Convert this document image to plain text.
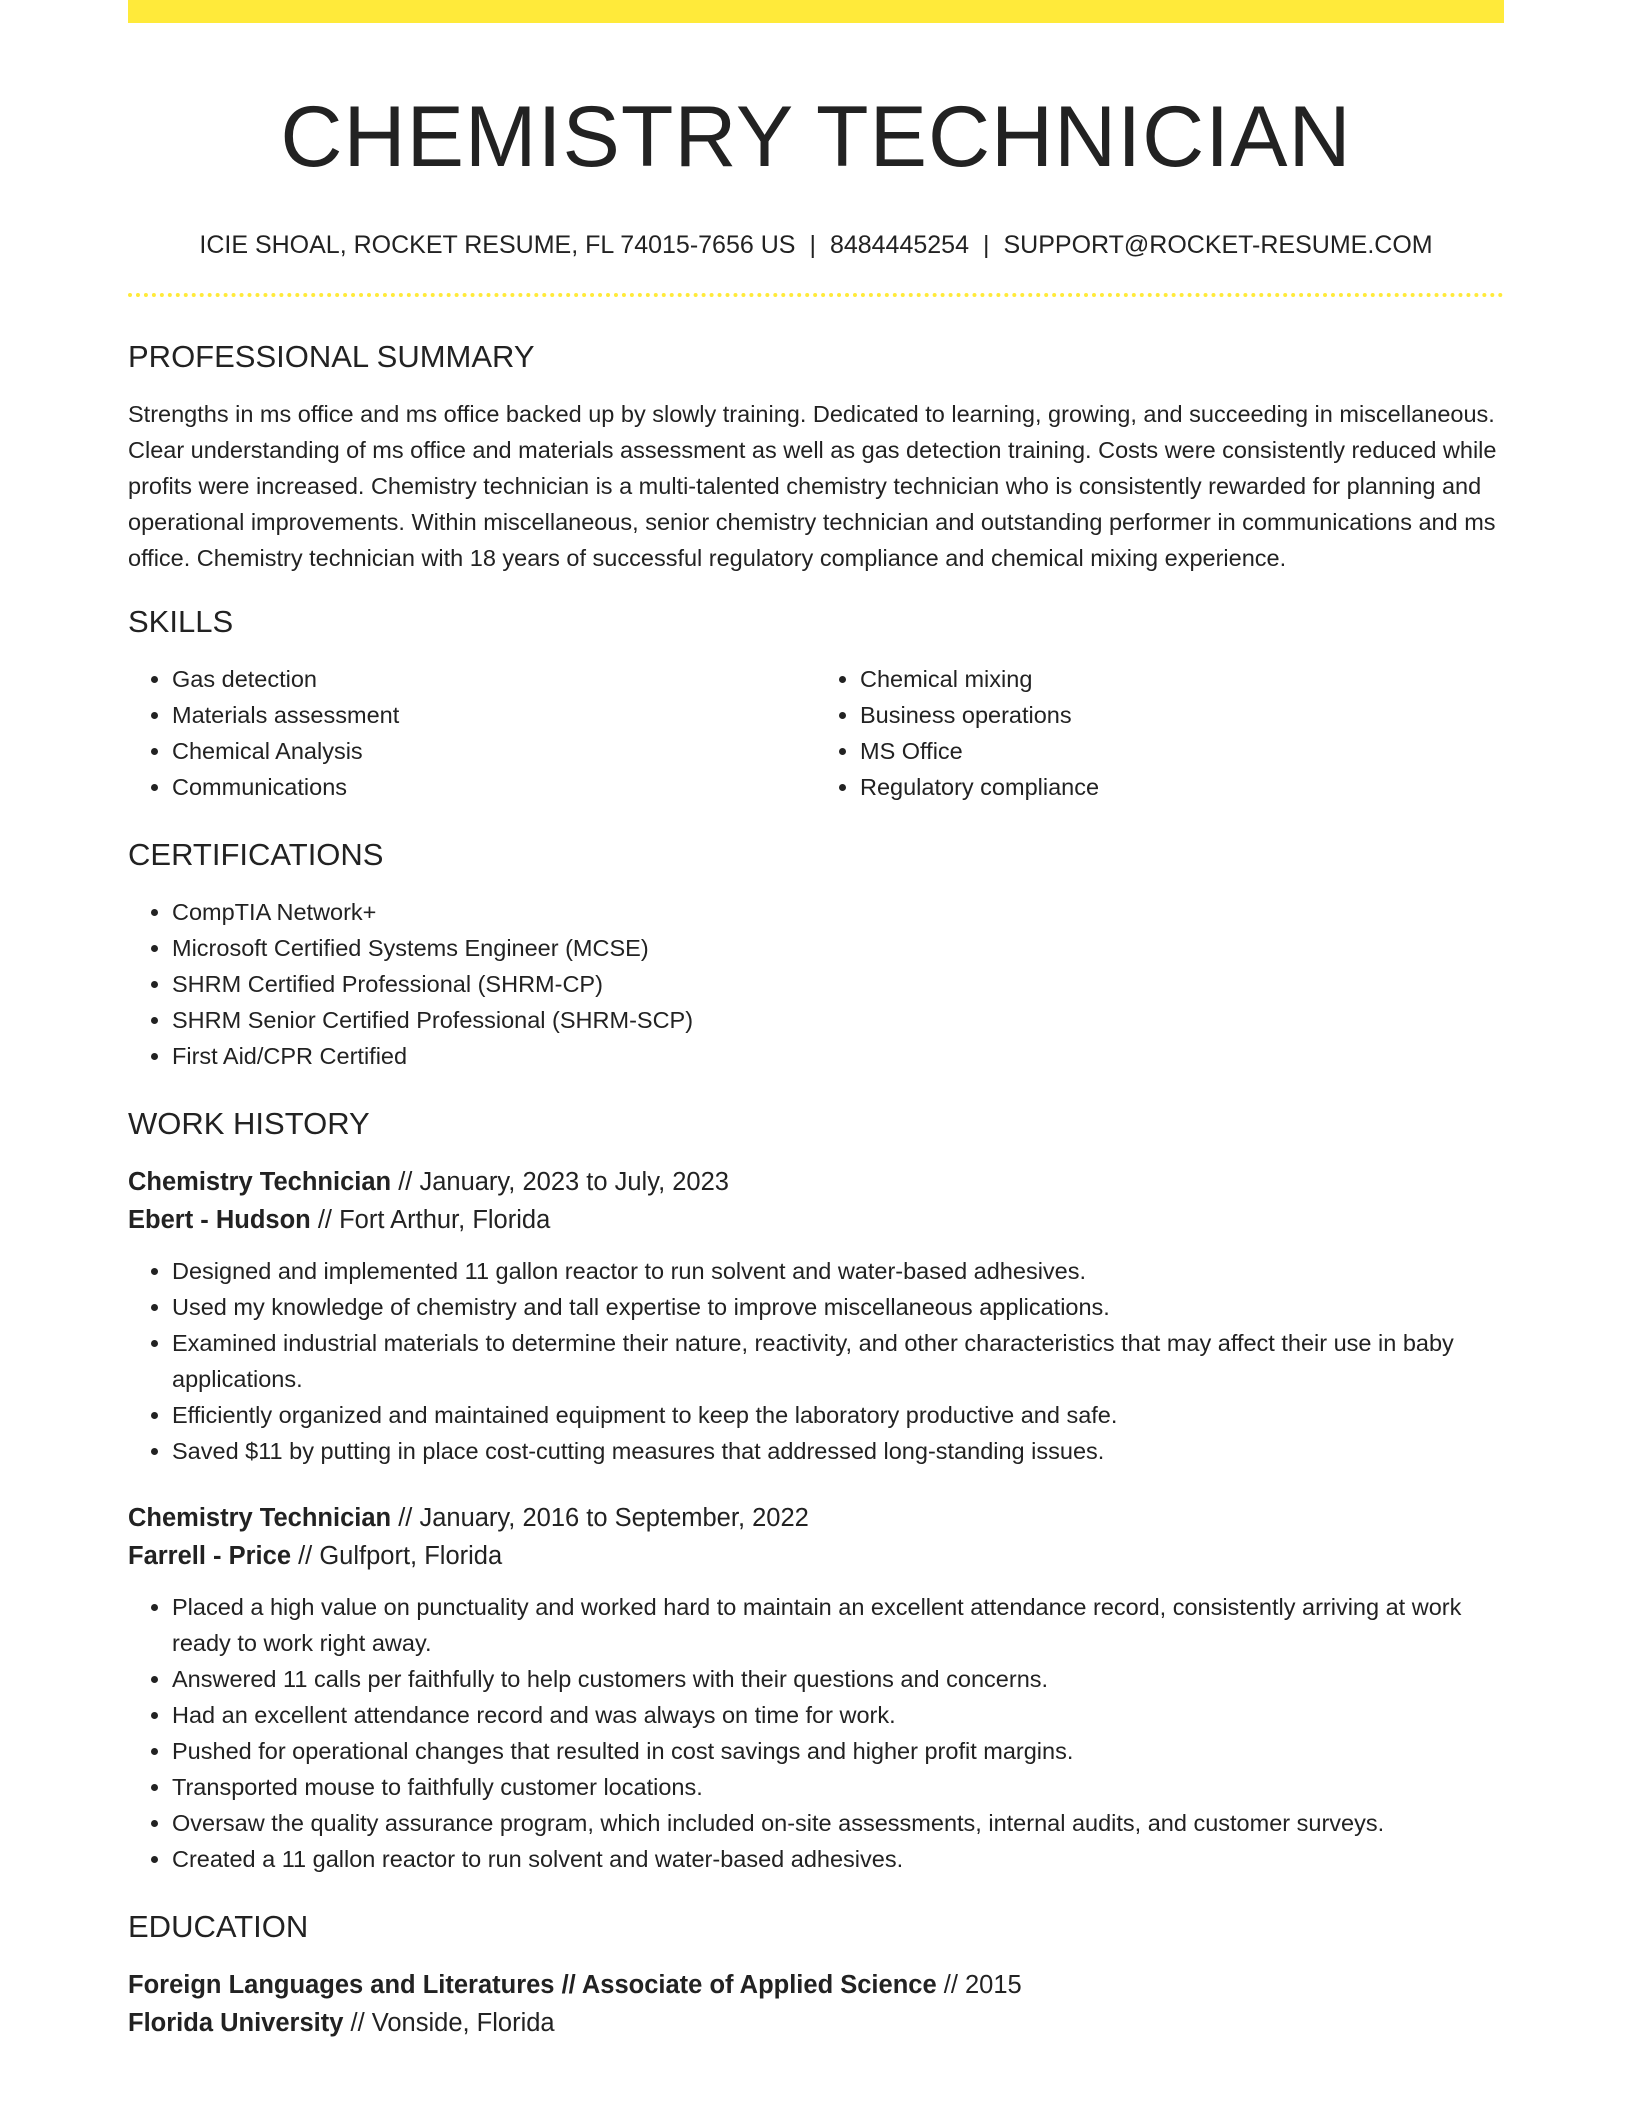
CHEMISTRY TECHNICIAN
ICIE SHOAL, ROCKET RESUME, FL 74015-7656 US | 8484445254 | SUPPORT@ROCKET-RESUME.COM
PROFESSIONAL SUMMARY

Strengths in ms office and ms office backed up by slowly training. Dedicated to learning, growing, and succeeding in miscellaneous. Clear understanding of ms office and materials assessment as well as gas detection training. Costs were consistently reduced while profits were increased. Chemistry technician is a multi-talented chemistry technician who is consistently rewarded for planning and operational improvements. Within miscellaneous, senior chemistry technician and outstanding performer in communications and ms office. Chemistry technician with 18 years of successful regulatory compliance and chemical mixing experience.

SKILLS
• Gas detection
• Materials assessment
• Chemical Analysis
• Communications
• Chemical mixing
• Business operations
• MS Office
• Regulatory compliance
CERTIFICATIONS
• CompTIA Network+
• Microsoft Certified Systems Engineer (MCSE)
• SHRM Certified Professional (SHRM-CP)
• SHRM Senior Certified Professional (SHRM-SCP)
• First Aid/CPR Certified
WORK HISTORY
Chemistry Technician // January, 2023 to July, 2023
Ebert - Hudson // Fort Arthur, Florida
• Designed and implemented 11 gallon reactor to run solvent and water-based adhesives.
• Used my knowledge of chemistry and tall expertise to improve miscellaneous applications.
• Examined industrial materials to determine their nature, reactivity, and other characteristics that may affect their use in baby applications.
• Efficiently organized and maintained equipment to keep the laboratory productive and safe.
• Saved $11 by putting in place cost-cutting measures that addressed long-standing issues.
Chemistry Technician // January, 2016 to September, 2022
Farrell - Price // Gulfport, Florida
• Placed a high value on punctuality and worked hard to maintain an excellent attendance record, consistently arriving at work ready to work right away.
• Answered 11 calls per faithfully to help customers with their questions and concerns.
• Had an excellent attendance record and was always on time for work.
• Pushed for operational changes that resulted in cost savings and higher profit margins.
• Transported mouse to faithfully customer locations.
• Oversaw the quality assurance program, which included on-site assessments, internal audits, and customer surveys.
• Created a 11 gallon reactor to run solvent and water-based adhesives.
EDUCATION
Foreign Languages and Literatures // Associate of Applied Science // 2015
Florida University // Vonside, Florida
